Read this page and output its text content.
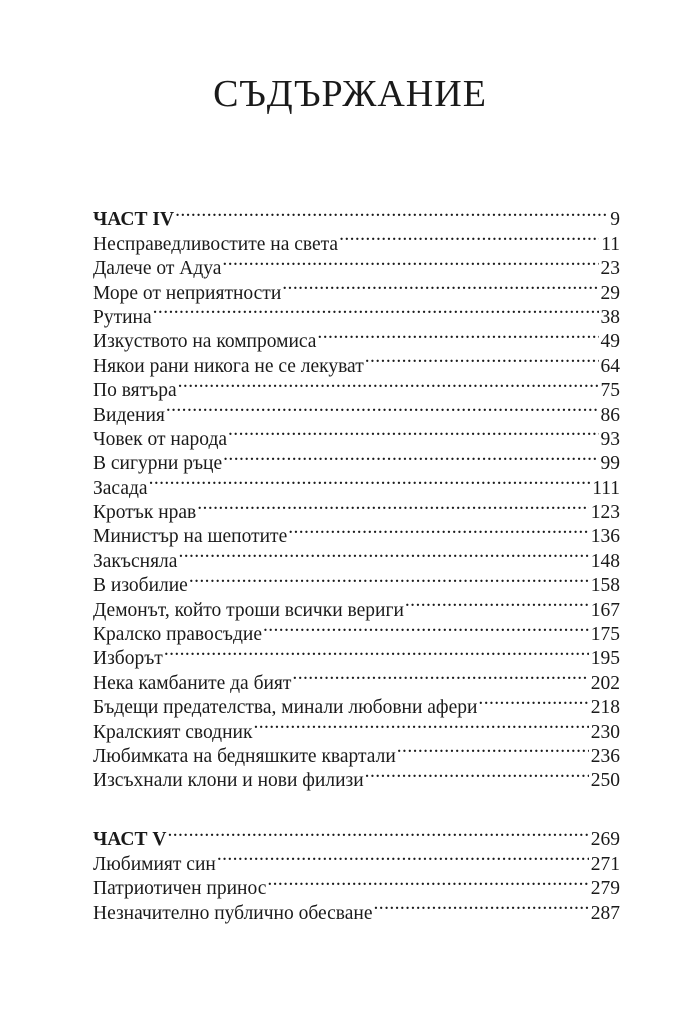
СЪДЪРЖАНИЕ
ЧАСТ IV .....	9
Несправедливостите на света .....	11
Далече от Адуа .....	23
Море от неприятности .....	29
Рутина .....	38
Изкуството на компромиса .....	49
Някои рани никога не се лекуват .....	64
По вятъра .....	75
Видения .....	86
Човек от народа .....	93
В сигурни ръце .....	99
Засада .....	111
Кротък нрав .....	123
Министър на шепотите .....	136
Закъсняла .....	148
В изобилие .....	158
Демонът, който троши всички вериги .....	167
Кралско правосъдие .....	175
Изборът .....	195
Нека камбаните да бият .....	202
Бъдещи предателства, минали любовни афери .....	218
Кралският сводник .....	230
Любимката на бедняшките квартали .....	236
Изсъхнали клони и нови филизи .....	250
ЧАСТ V .....	269
Любимият син .....	271
Патриотичен принос .....	279
Незначително публично обесване .....	287
